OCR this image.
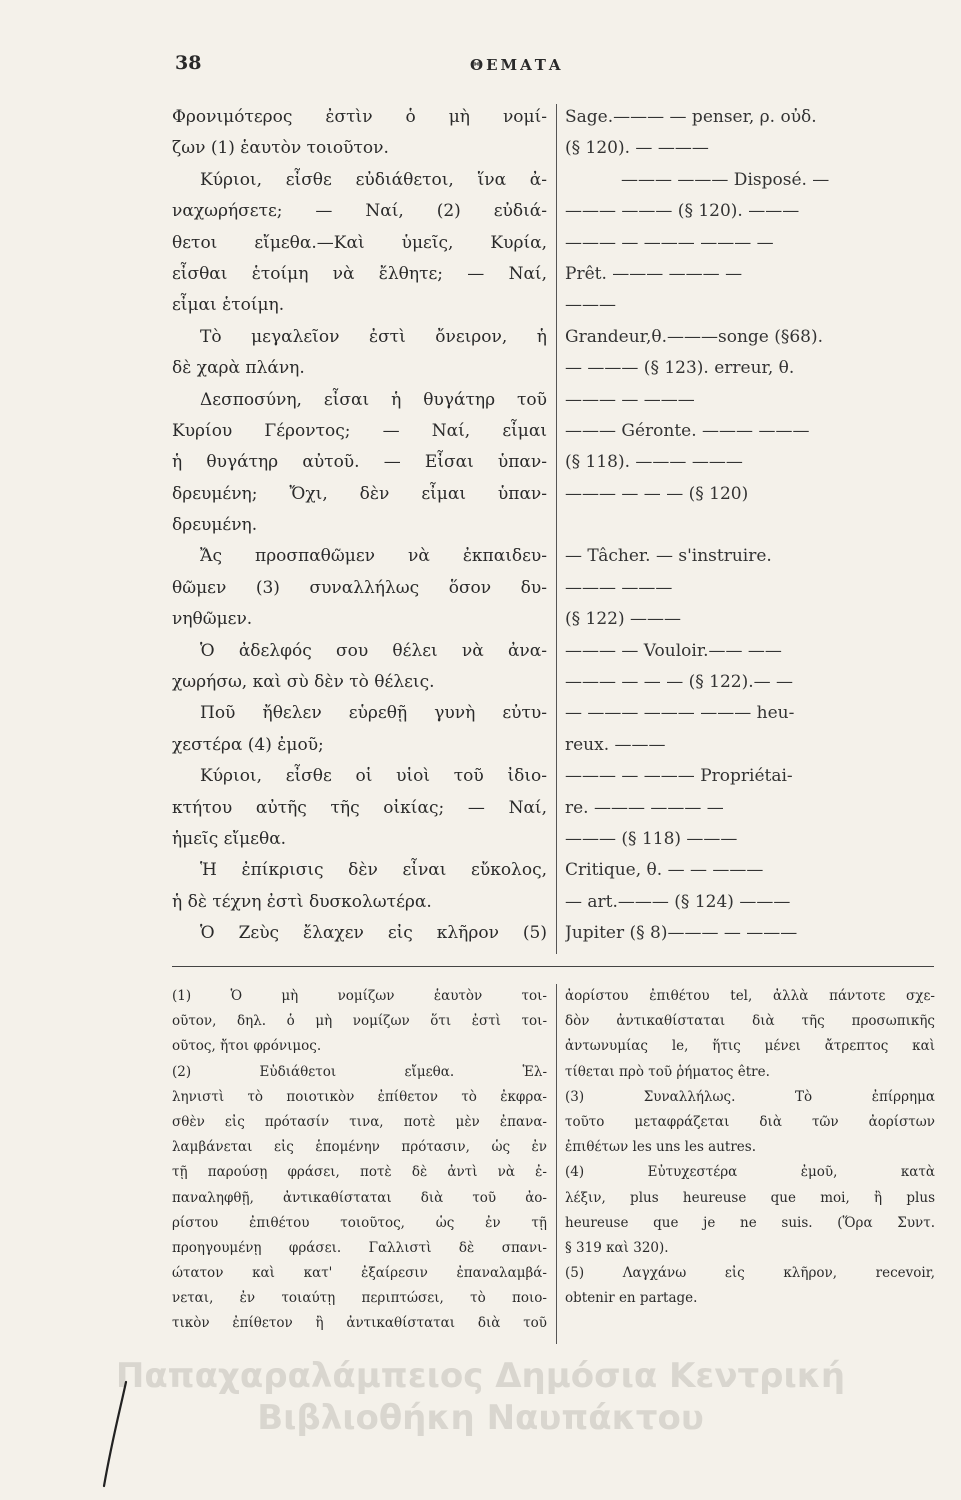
38	ΘΕΜΑΤΑ
Φρονιμότερος ἐστὶν ὁ μὴ νομί-
ζων (1) ἑαυτὸν τοιοῦτον.
Κύριοι, εἶσθε εὐδιάθετοι, ἵνα ἀ-
ναχωρήσετε; — Ναί, (2) εὐδιά-
θετοι εἴμεθα.—Καὶ ὑμεῖς, Κυρία,
εἶσθαι ἑτοίμη νὰ ἔλθητε; — Ναί,
εἶμαι ἑτοίμη.
Τὸ μεγαλεῖον ἐστὶ ὄνειρον, ἡ
δὲ χαρὰ πλάνη.
Δεσποσύνη, εἶσαι ἡ θυγάτηρ τοῦ
Κυρίου Γέροντος; — Ναί, εἶμαι
ἡ θυγάτηρ αὐτοῦ. — Εἶσαι ὑπαν-
δρευμένη; Ὄχι, δὲν εἶμαι ὑπαν-
δρευμένη.
Ἄς προσπαθῶμεν νὰ ἐκπαιδευ-
θῶμεν (3) συναλλήλως ὅσον δυ-
νηθῶμεν.
Ὁ ἀδελφός σου θέλει νὰ ἀνα-
χωρήσω, καὶ σὺ δὲν τὸ θέλεις.
Ποῦ ἤθελεν εὑρεθῇ γυνὴ εὐτυ-
χεστέρα (4) ἐμοῦ;
Κύριοι, εἶσθε οἱ υἱοὶ τοῦ ἰδιο-
κτήτου αὐτῆς τῆς οἰκίας; — Ναί,
ἡμεῖς εἴμεθα.
Ἡ ἐπίκρισις δὲν εἶναι εὔκολος,
ἡ δὲ τέχνη ἐστὶ δυσκολωτέρα.
Ὁ Ζεὺς ἔλαχεν εἰς κλῆρον (5)
Sage.——— — penser, ρ. οὐδ.
(§ 120). — ———
——— ——— Disposé. —
——— ——— (§ 120). ———
——— — ——— ——— —
Prêt. ——— ——— —
———
Grandeur,θ.———songe (§68).
— ——— (§ 123). erreur, θ.
——— — ———
——— Géronte. ——— ———
(§ 118). ——— ———
——— — — — (§ 120)
— Tâcher. — s'instruire.
——— ———
(§ 122) ———
——— — Vouloir.—— ——
——— — — — (§ 122).— —
— ——— ——— ——— heu-
reux. ———
——— — ——— Propriétai-
re. ——— ——— —
——— (§ 118) ———
Critique, θ. — — ———
— art.——— (§ 124) ———
Jupiter (§ 8)——— — ———
(1) Ὁ μὴ νομίζων ἑαυτὸν τοι-
οῦτον, δηλ. ὁ μὴ νομίζων ὅτι ἐστὶ τοι-
οῦτος, ἤτοι φρόνιμος.
(2) Εὐδιάθετοι εἴμεθα. Ἑλ-
ληνιστὶ τὸ ποιοτικὸν ἐπίθετον τὸ ἐκφρα-
σθὲν εἰς πρότασίν τινα, ποτὲ μὲν ἐπανα-
λαμβάνεται εἰς ἑπομένην πρότασιν, ὡς ἐν
τῇ παρούσῃ φράσει, ποτὲ δὲ ἀντὶ νὰ ἐ-
παναληφθῇ, ἀντικαθίσταται διὰ τοῦ ἀο-
ρίστου ἐπιθέτου τοιοῦτος, ὡς ἐν τῇ
προηγουμένῃ φράσει. Γαλλιστὶ δὲ σπανι-
ώτατον καὶ κατ' ἐξαίρεσιν ἐπαναλαμβά-
νεται, ἐν τοιαύτῃ περιπτώσει, τὸ ποιο-
τικὸν ἐπίθετον ἢ ἀντικαθίσταται διὰ τοῦ
ἀορίστου ἐπιθέτου tel, ἀλλὰ πάντοτε σχε-
δὸν ἀντικαθίσταται διὰ τῆς προσωπικῆς
ἀντωνυμίας le, ἥτις μένει ἄτρεπτος καὶ
τίθεται πρὸ τοῦ ῥήματος être.
(3) Συναλλήλως. Τὸ ἐπίρρημα
τοῦτο μεταφράζεται διὰ τῶν ἀορίστων
ἐπιθέτων les uns les autres.
(4) Εὐτυχεστέρα ἐμοῦ, κατὰ
λέξιν, plus heureuse que moi, ἢ plus
heureuse que je ne suis. (Ὅρα Συντ.
§ 319 καὶ 320).
(5) Λαγχάνω εἰς κλῆρον, recevoir,
obtenir en partage.
Παπαχαραλάμπειος Δημόσια Κεντρική
Βιβλιοθήκη Ναυπάκτου
